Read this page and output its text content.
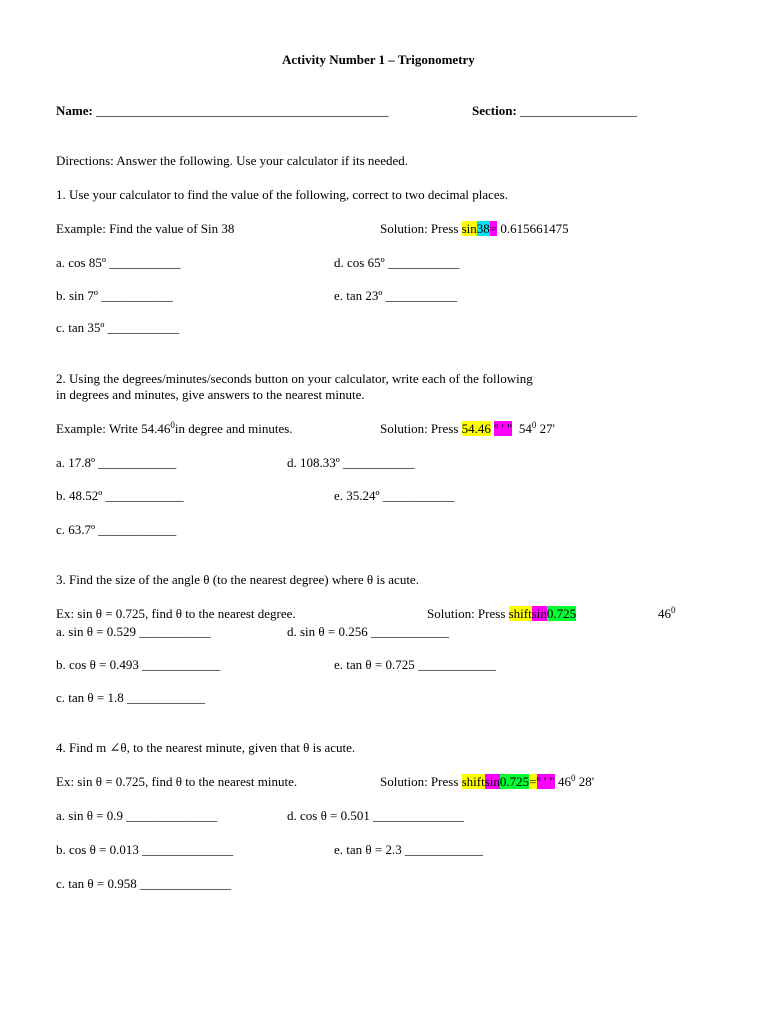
Activity Number 1 – Trigonometry
Name: _____________________________________________	Section: __________________
Directions: Answer the following. Use your calculator if its needed.
1. Use your calculator to find the value of the following, correct to two decimal places.
Example: Find the value of Sin 38	Solution: Press sin38= 0.615661475
a. cos 85º ___________	d. cos 65º ___________
b. sin 7º ___________	e. tan 23º ___________
c. tan 35º ___________
2. Using the degrees/minutes/seconds button on your calculator, write each of the following
in degrees and minutes, give answers to the nearest minute.
Example: Write 54.46$^0$in degree and minutes.	Solution: Press 54.46 º ' " $54^0$ 27'
a. 17.8º ____________	d. 108.33º ___________
b. 48.52º ____________	e. 35.24º ___________
c. 63.7º ____________
3. Find the size of the angle θ (to the nearest degree) where θ is acute.
Ex: sin θ = 0.725, find θ to the nearest degree.	Solution: Press shiftsin0.725	$46^0$
a. sin θ = 0.529 ___________	d. sin θ = 0.256 ____________
b. cos θ = 0.493 ____________	e. tan θ = 0.725 ____________
c. tan θ = 1.8 ____________
4. Find m ∠θ, to the nearest minute, given that θ is acute.
Ex: sin θ = 0.725, find θ to the nearest minute.	Solution: Press shiftsin0.725=º ' " $46^0$ 28'
a. sin θ = 0.9 ______________	d. cos θ = 0.501 ______________
b. cos θ = 0.013 ______________	e. tan θ = 2.3 ____________
c. tan θ = 0.958 ______________
